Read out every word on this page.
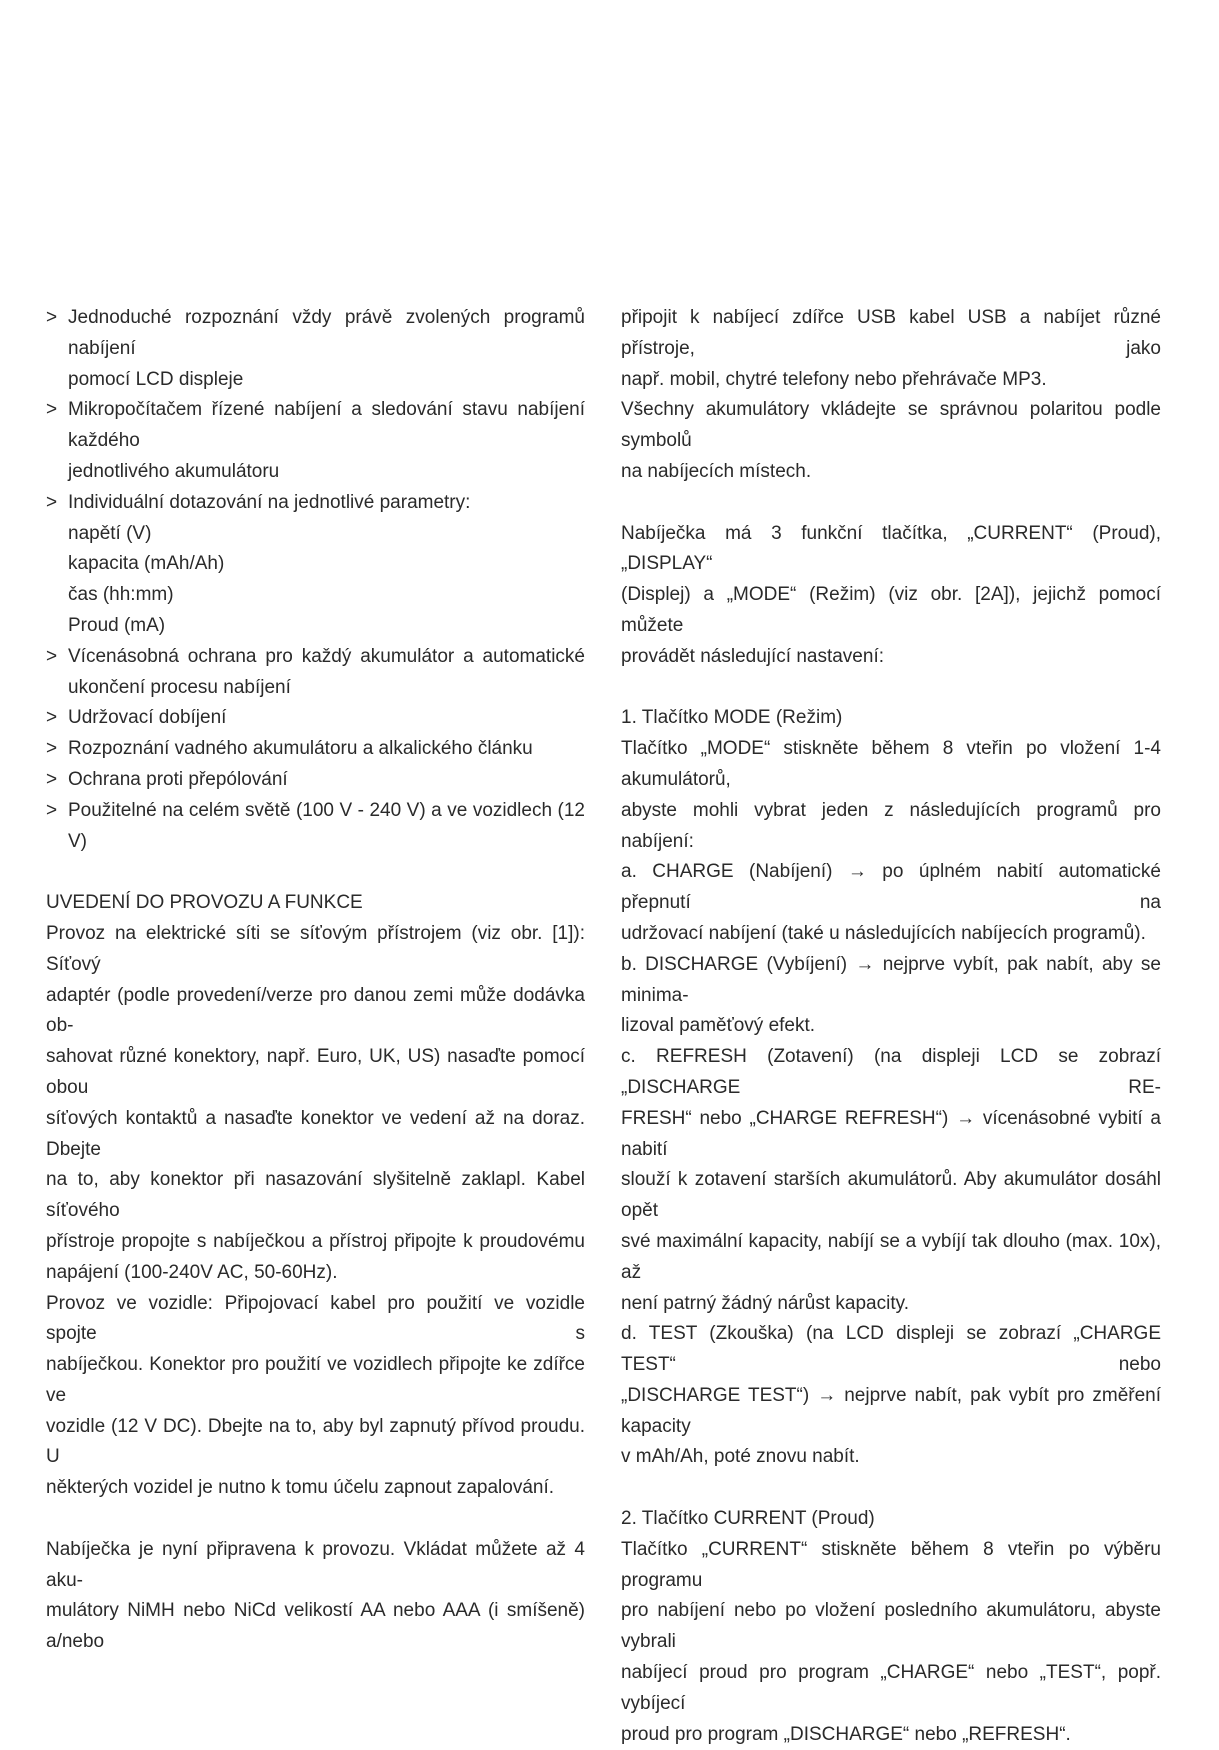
> Jednoduché rozpoznání vždy právě zvolených programů nabíjení
pomocí LCD displeje
> Mikropočítačem řízené nabíjení a sledování stavu nabíjení každého
jednotlivého akumulátoru
> Individuální dotazování na jednotlivé parametry:
napětí (V)
kapacita (mAh/Ah)
čas (hh:mm)
Proud (mA)
> Vícenásobná ochrana pro každý akumulátor a automatické
ukončení procesu nabíjení
> Udržovací dobíjení
> Rozpoznání vadného akumulátoru a alkalického článku
> Ochrana proti přepólování
> Použitelné na celém světě (100 V - 240 V) a ve vozidlech (12 V)
UVEDENÍ DO PROVOZU A FUNKCE
Provoz na elektrické síti se síťovým přístrojem (viz obr. [1]): Síťový
adaptér (podle provedení/verze pro danou zemi může dodávka ob-
sahovat různé konektory, např. Euro, UK, US) nasaďte pomocí obou
síťových kontaktů a nasaďte konektor ve vedení až na doraz. Dbejte
na to, aby konektor při nasazování slyšitelně zaklapl. Kabel síťového
přístroje propojte s nabíječkou a přístroj připojte k proudovému
napájení (100-240V AC, 50-60Hz).
Provoz ve vozidle: Připojovací kabel pro použití ve vozidle spojte s
nabíječkou. Konektor pro použití ve vozidlech připojte ke zdířce ve
vozidle (12 V DC). Dbejte na to, aby byl zapnutý přívod proudu. U
některých vozidel je nutno k tomu účelu zapnout zapalování.
Nabíječka je nyní připravena k provozu. Vkládat můžete až 4 aku-
mulátory NiMH nebo NiCd velikostí AA nebo AAA (i smíšeně) a/nebo
připojit k nabíjecí zdířce USB kabel USB a nabíjet různé přístroje, jako
např. mobil, chytré telefony nebo přehrávače MP3.
Všechny akumulátory vkládejte se správnou polaritou podle symbolů
na nabíjecích místech.
Nabíječka má 3 funkční tlačítka, „CURRENT“ (Proud), „DISPLAY“
(Displej) a „MODE“ (Režim) (viz obr. [2A]), jejichž pomocí můžete
provádět následující nastavení:
1. Tlačítko MODE (Režim)
Tlačítko „MODE“ stiskněte během 8 vteřin po vložení 1-4 akumulátorů,
abyste mohli vybrat jeden z následujících programů pro nabíjení:
a. CHARGE (Nabíjení) → po úplném nabití automatické přepnutí na
udržovací nabíjení (také u následujících nabíjecích programů).
b. DISCHARGE (Vybíjení) → nejprve vybít, pak nabít, aby se minima-
lizoval paměťový efekt.
c. REFRESH (Zotavení) (na displeji LCD se zobrazí „DISCHARGE RE-
FRESH“ nebo „CHARGE REFRESH“) → vícenásobné vybití a nabití
slouží k zotavení starších akumulátorů. Aby akumulátor dosáhl opět
své maximální kapacity, nabíjí se a vybíjí tak dlouho (max. 10x), až
není patrný žádný nárůst kapacity.
d. TEST (Zkouška) (na LCD displeji se zobrazí „CHARGE TEST“ nebo
„DISCHARGE TEST“) → nejprve nabít, pak vybít pro změření kapacity
v mAh/Ah, poté znovu nabít.
2. Tlačítko CURRENT (Proud)
Tlačítko „CURRENT“ stiskněte během 8 vteřin po výběru programu
pro nabíjení nebo po vložení posledního akumulátoru, abyste vybrali
nabíjecí proud pro program „CHARGE“ nebo „TEST“, popř. vybíjecí
proud pro program „DISCHARGE“ nebo „REFRESH“.
